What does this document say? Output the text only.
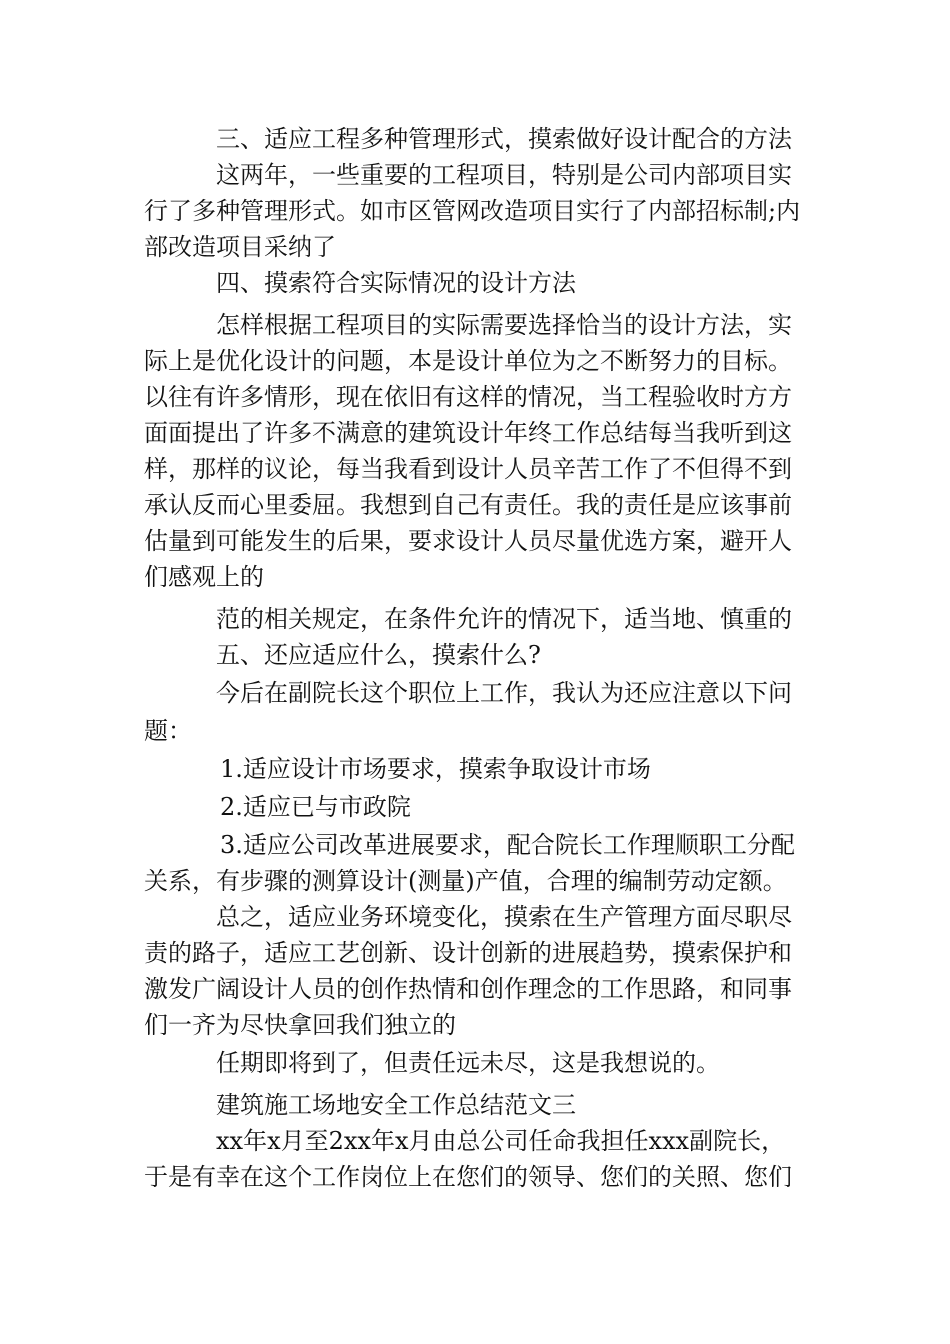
三、适应工程多种管理形式，摸索做好设计配合的方法
这两年，一些重要的工程项目，特别是公司内部项目实
行了多种管理形式。如市区管网改造项目实行了内部招标制;内
部改造项目采纳了
四、摸索符合实际情况的设计方法
怎样根据工程项目的实际需要选择恰当的设计方法，实
际上是优化设计的问题，本是设计单位为之不断努力的目标。
以往有许多情形，现在依旧有这样的情况，当工程验收时方方
面面提出了许多不满意的建筑设计年终工作总结每当我听到这
样，那样的议论，每当我看到设计人员辛苦工作了不但得不到
承认反而心里委屈。我想到自己有责任。我的责任是应该事前
估量到可能发生的后果，要求设计人员尽量优选方案，避开人
们感观上的
范的相关规定，在条件允许的情况下，适当地、慎重的
五、还应适应什么，摸索什么?
今后在副院长这个职位上工作，我认为还应注意以下问
题：
1.适应设计市场要求，摸索争取设计市场
2.适应已与市政院
3.适应公司改革进展要求，配合院长工作理顺职工分配
关系，有步骤的测算设计(测量)产值，合理的编制劳动定额。
总之，适应业务环境变化，摸索在生产管理方面尽职尽
责的路子，适应工艺创新、设计创新的进展趋势，摸索保护和
激发广阔设计人员的创作热情和创作理念的工作思路，和同事
们一齐为尽快拿回我们独立的
任期即将到了，但责任远未尽，这是我想说的。
建筑施工场地安全工作总结范文三
xx年x月至2xx年x月由总公司任命我担任xxx副院长，
于是有幸在这个工作岗位上在您们的领导、您们的关照、您们
